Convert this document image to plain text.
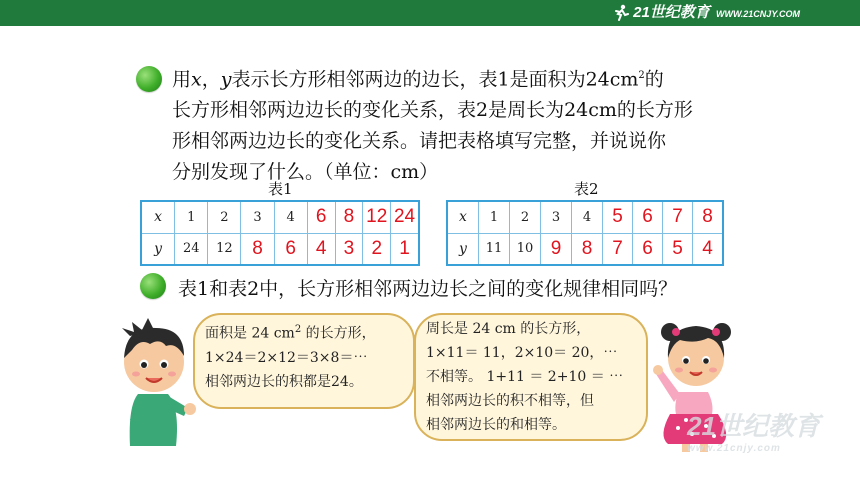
21世纪教育 WWW.21CNJY.COM
用x，y表示长方形相邻两边的边长，表1是面积为$24cm^2$的
长方形相邻两边边长的变化关系，表2是周长为24cm的长方形
形相邻两边边长的变化关系。请把表格填写完整，并说说你
分别发现了什么。（单位：cm）
表1	表2
x	1	2	3	4	6	8	12	24
y	24	12	8	6	4	3	2	1
x	1	2	3	4	5	6	7	8
y	11	10	9	8	7	6	5	4
表1和表2中，长方形相邻两边边长之间的变化规律相同吗？
面积是 24 $cm^2$ 的长方形，
1×24＝2×12＝3×8＝⋯
相邻两边长的积都是24。
周长是 24 cm 的长方形，
1×11＝ 11，2×10＝ 20，⋯
不相等。 1+11 ＝ 2+10 ＝ ⋯
相邻两边长的积不相等，但
相邻两边长的和相等。	21世纪教育
www.21cnjy.com
